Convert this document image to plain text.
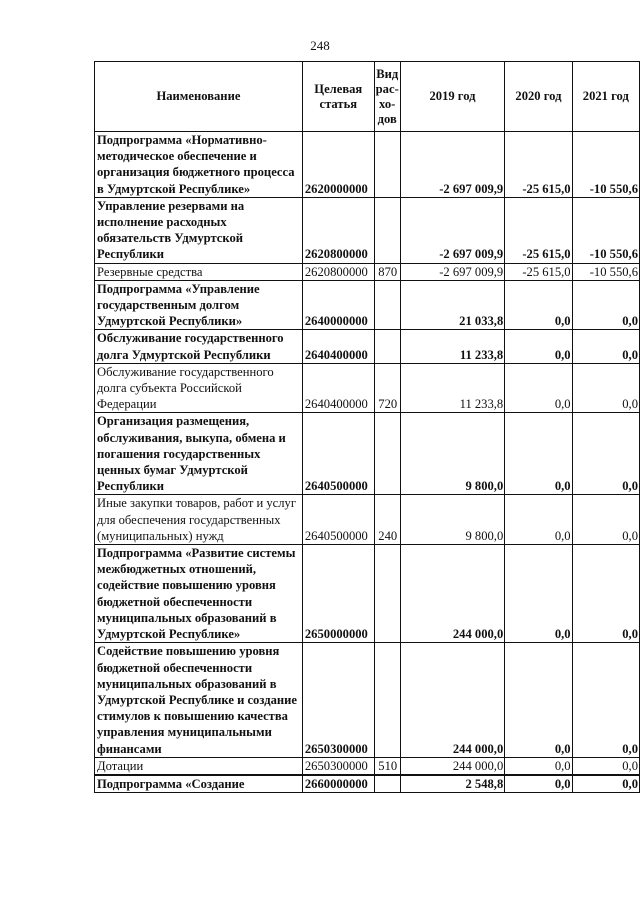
248
Наименование	Целевая статья	Вид рас- хо- дов	2019 год	2020 год	2021 год
Подпрограмма «Нормативно-методическое обеспечение и организация бюджетного процесса в Удмуртской Республике»	2620000000		-2 697 009,9	-25 615,0	-10 550,6
Управление резервами на исполнение расходных обязательств Удмуртской Республики	2620800000		-2 697 009,9	-25 615,0	-10 550,6
Резервные средства	2620800000	870	-2 697 009,9	-25 615,0	-10 550,6
Подпрограмма «Управление государственным долгом Удмуртской Республики»	2640000000		21 033,8	0,0	0,0
Обслуживание государственного долга Удмуртской Республики	2640400000		11 233,8	0,0	0,0
Обслуживание государственного долга субъекта Российской Федерации	2640400000	720	11 233,8	0,0	0,0
Организация размещения, обслуживания, выкупа, обмена и погашения государственных ценных бумаг Удмуртской Республики	2640500000		9 800,0	0,0	0,0
Иные закупки товаров, работ и услуг для обеспечения государственных (муниципальных) нужд	2640500000	240	9 800,0	0,0	0,0
Подпрограмма «Развитие системы межбюджетных отношений, содействие повышению уровня бюджетной обеспеченности муниципальных образований в Удмуртской Республике»	2650000000		244 000,0	0,0	0,0
Содействие повышению уровня бюджетной обеспеченности муниципальных образований в Удмуртской Республике и создание стимулов к повышению качества управления муниципальными финансами	2650300000		244 000,0	0,0	0,0
Дотации	2650300000	510	244 000,0	0,0	0,0
Подпрограмма «Создание	2660000000		2 548,8	0,0	0,0
